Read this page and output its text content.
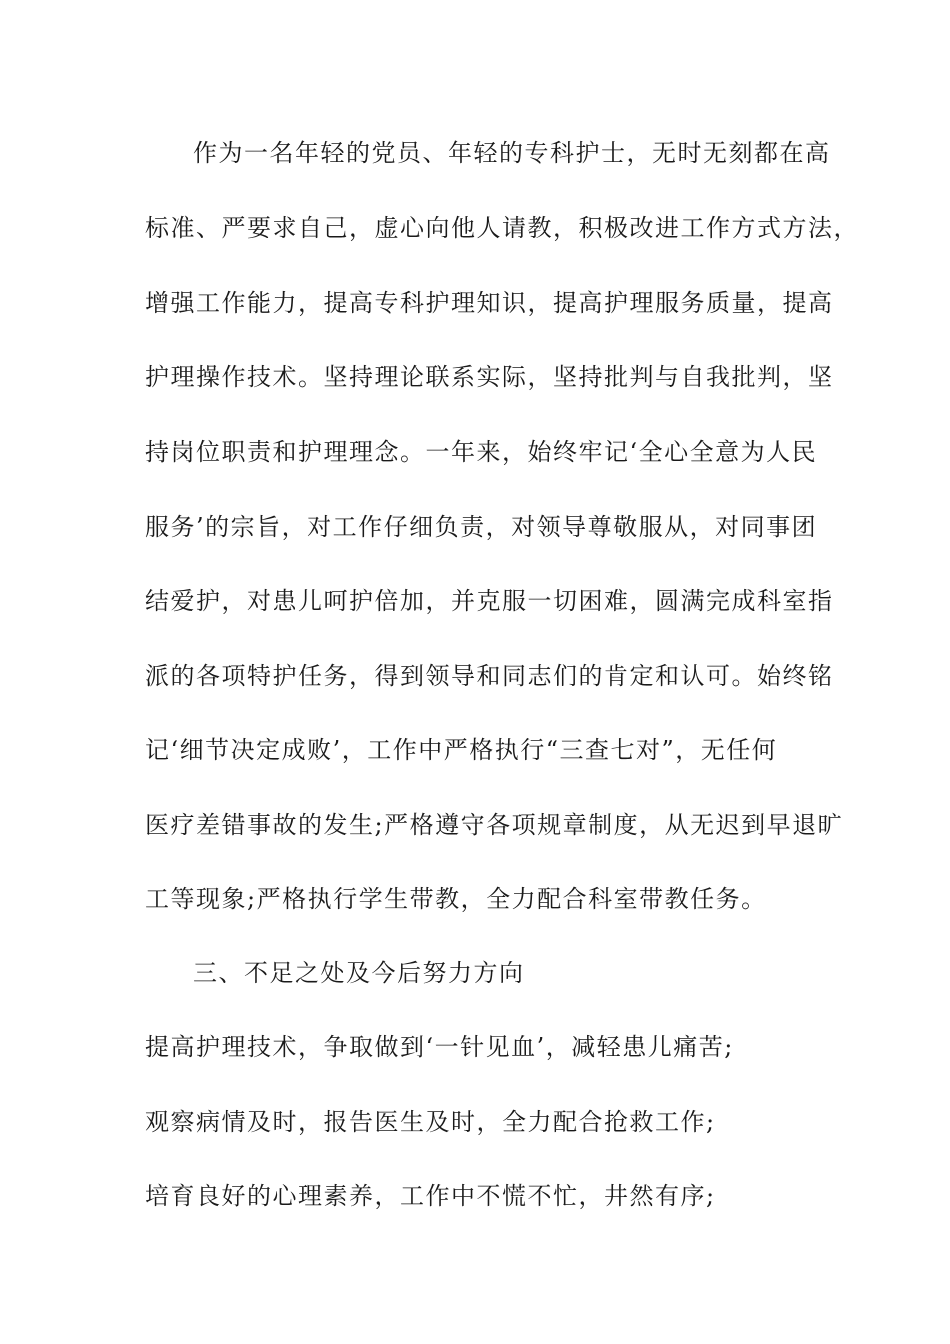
作为一名年轻的党员、年轻的专科护士，无时无刻都在高
标准、严要求自己，虚心向他人请教，积极改进工作方式方法，
增强工作能力，提高专科护理知识，提高护理服务质量，提高
护理操作技术。坚持理论联系实际，坚持批判与自我批判，坚
持岗位职责和护理理念。一年来，始终牢记‘全心全意为人民
服务’的宗旨，对工作仔细负责，对领导尊敬服从，对同事团
结爱护，对患儿呵护倍加，并克服一切困难，圆满完成科室指
派的各项特护任务，得到领导和同志们的肯定和认可。始终铭
记‘细节决定成败’，工作中严格执行“三查七对”，无任何
医疗差错事故的发生;严格遵守各项规章制度，从无迟到早退旷
工等现象;严格执行学生带教，全力配合科室带教任务。
三、不足之处及今后努力方向
提高护理技术，争取做到‘一针见血’，减轻患儿痛苦;
观察病情及时，报告医生及时，全力配合抢救工作;
培育良好的心理素养，工作中不慌不忙，井然有序;
